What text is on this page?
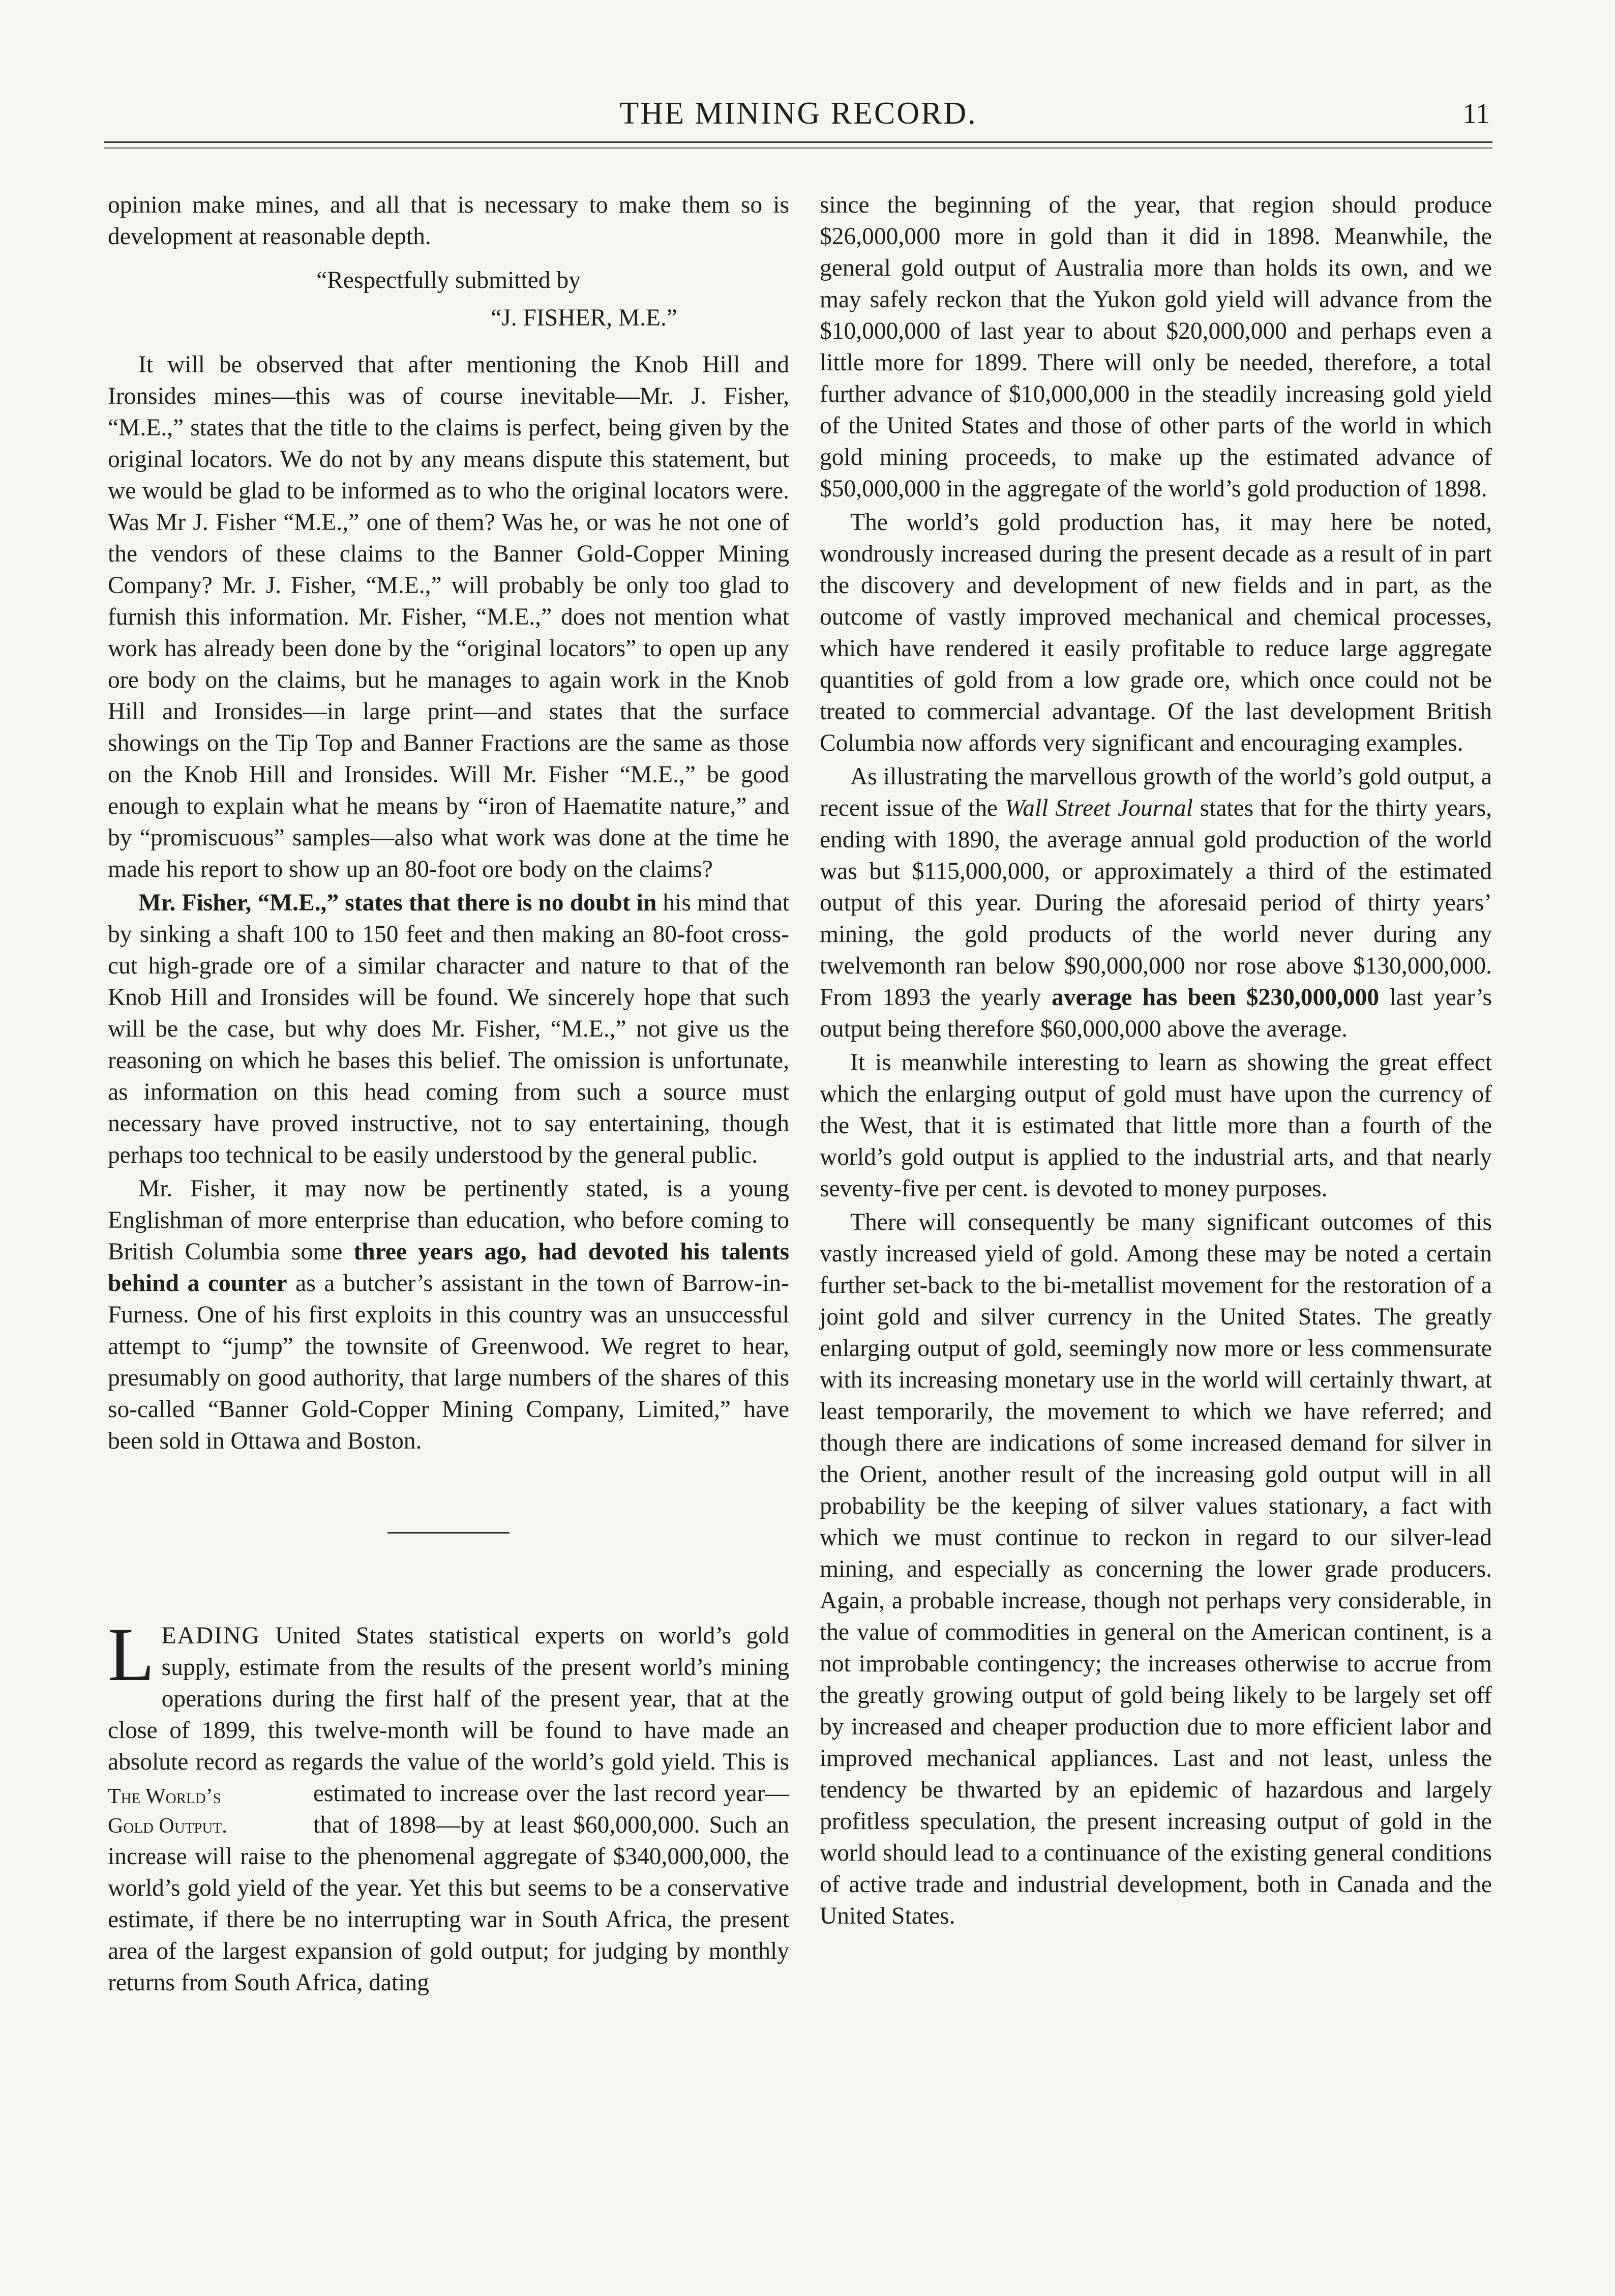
THE MINING RECORD.	11

opinion make mines, and all that is necessary to make them so is development at reasonable depth.

“Respectfully submitted by

“J. FISHER, M.E.”

It will be observed that after mentioning the Knob Hill and Ironsides mines—this was of course inevitable—Mr. J. Fisher, “M.E.,” states that the title to the claims is perfect, being given by the original locators. We do not by any means dispute this statement, but we would be glad to be informed as to who the original locators were. Was Mr J. Fisher “M.E.,” one of them? Was he, or was he not one of the vendors of these claims to the Banner Gold-Copper Mining Company? Mr. J. Fisher, “M.E.,” will probably be only too glad to furnish this information. Mr. Fisher, “M.E.,” does not mention what work has already been done by the “original locators” to open up any ore body on the claims, but he manages to again work in the Knob Hill and Ironsides—in large print—and states that the surface showings on the Tip Top and Banner Fractions are the same as those on the Knob Hill and Ironsides. Will Mr. Fisher “M.E.,” be good enough to explain what he means by “iron of Haematite nature,” and by “promiscuous” samples—also what work was done at the time he made his report to show up an 80-foot ore body on the claims?

Mr. Fisher, “M.E.,” states that there is no doubt in his mind that by sinking a shaft 100 to 150 feet and then making an 80-foot cross-cut high-grade ore of a similar character and nature to that of the Knob Hill and Ironsides will be found. We sincerely hope that such will be the case, but why does Mr. Fisher, “M.E.,” not give us the reasoning on which he bases this belief. The omission is unfortunate, as information on this head coming from such a source must necessary have proved instructive, not to say entertaining, though perhaps too technical to be easily understood by the general public.

Mr. Fisher, it may now be pertinently stated, is a young Englishman of more enterprise than education, who before coming to British Columbia some three years ago, had devoted his talents behind a counter as a butcher’s assistant in the town of Barrow-in-Furness. One of his first exploits in this country was an unsuccessful attempt to “jump” the townsite of Greenwood. We regret to hear, presumably on good authority, that large numbers of the shares of this so-called “Banner Gold-Copper Mining Company, Limited,” have been sold in Ottawa and Boston.

LEADING United States statistical experts on world’s gold supply, estimate from the results of the present world’s mining operations during the first half of the present year, that at the close of 1899, this twelve-month will be found to have made an absolute record as regards the value of the world’s
The World’s
Gold Output.
gold yield. This is estimated to increase over the last record year—that of 1898—by at least $60,000,000. Such an increase will raise to the phenomenal aggregate of $340,000,000, the world’s gold yield of the year. Yet this but seems to be a conservative estimate, if there be no interrupting war in South Africa, the present area of the largest expansion of gold output; for judging by monthly returns from South Africa, dating

since the beginning of the year, that region should produce $26,000,000 more in gold than it did in 1898. Meanwhile, the general gold output of Australia more than holds its own, and we may safely reckon that the Yukon gold yield will advance from the $10,000,000 of last year to about $20,000,000 and perhaps even a little more for 1899. There will only be needed, therefore, a total further advance of $10,000,000 in the steadily increasing gold yield of the United States and those of other parts of the world in which gold mining proceeds, to make up the estimated advance of $50,000,000 in the aggregate of the world’s gold production of 1898.

The world’s gold production has, it may here be noted, wondrously increased during the present decade as a result of in part the discovery and development of new fields and in part, as the outcome of vastly improved mechanical and chemical processes, which have rendered it easily profitable to reduce large aggregate quantities of gold from a low grade ore, which once could not be treated to commercial advantage. Of the last development British Columbia now affords very significant and encouraging examples.

As illustrating the marvellous growth of the world’s gold output, a recent issue of the Wall Street Journal states that for the thirty years, ending with 1890, the average annual gold production of the world was but $115,000,000, or approximately a third of the estimated output of this year. During the aforesaid period of thirty years’ mining, the gold products of the world never during any twelvemonth ran below $90,000,000 nor rose above $130,000,000. From 1893 the yearly average has been $230,000,000 last year’s output being therefore $60,000,000 above the average.

It is meanwhile interesting to learn as showing the great effect which the enlarging output of gold must have upon the currency of the West, that it is estimated that little more than a fourth of the world’s gold output is applied to the industrial arts, and that nearly seventy-five per cent. is devoted to money purposes.

There will consequently be many significant outcomes of this vastly increased yield of gold. Among these may be noted a certain further set-back to the bi-metallist movement for the restoration of a joint gold and silver currency in the United States. The greatly enlarging output of gold, seemingly now more or less commensurate with its increasing monetary use in the world will certainly thwart, at least temporarily, the movement to which we have referred; and though there are indications of some increased demand for silver in the Orient, another result of the increasing gold output will in all probability be the keeping of silver values stationary, a fact with which we must continue to reckon in regard to our silver-lead mining, and especially as concerning the lower grade producers. Again, a probable increase, though not perhaps very considerable, in the value of commodities in general on the American continent, is a not improbable contingency; the increases otherwise to accrue from the greatly growing output of gold being likely to be largely set off by increased and cheaper production due to more efficient labor and improved mechanical appliances. Last and not least, unless the tendency be thwarted by an epidemic of hazardous and largely profitless speculation, the present increasing output of gold in the world should lead to a continuance of the existing general conditions of active trade and industrial development, both in Canada and the United States.
